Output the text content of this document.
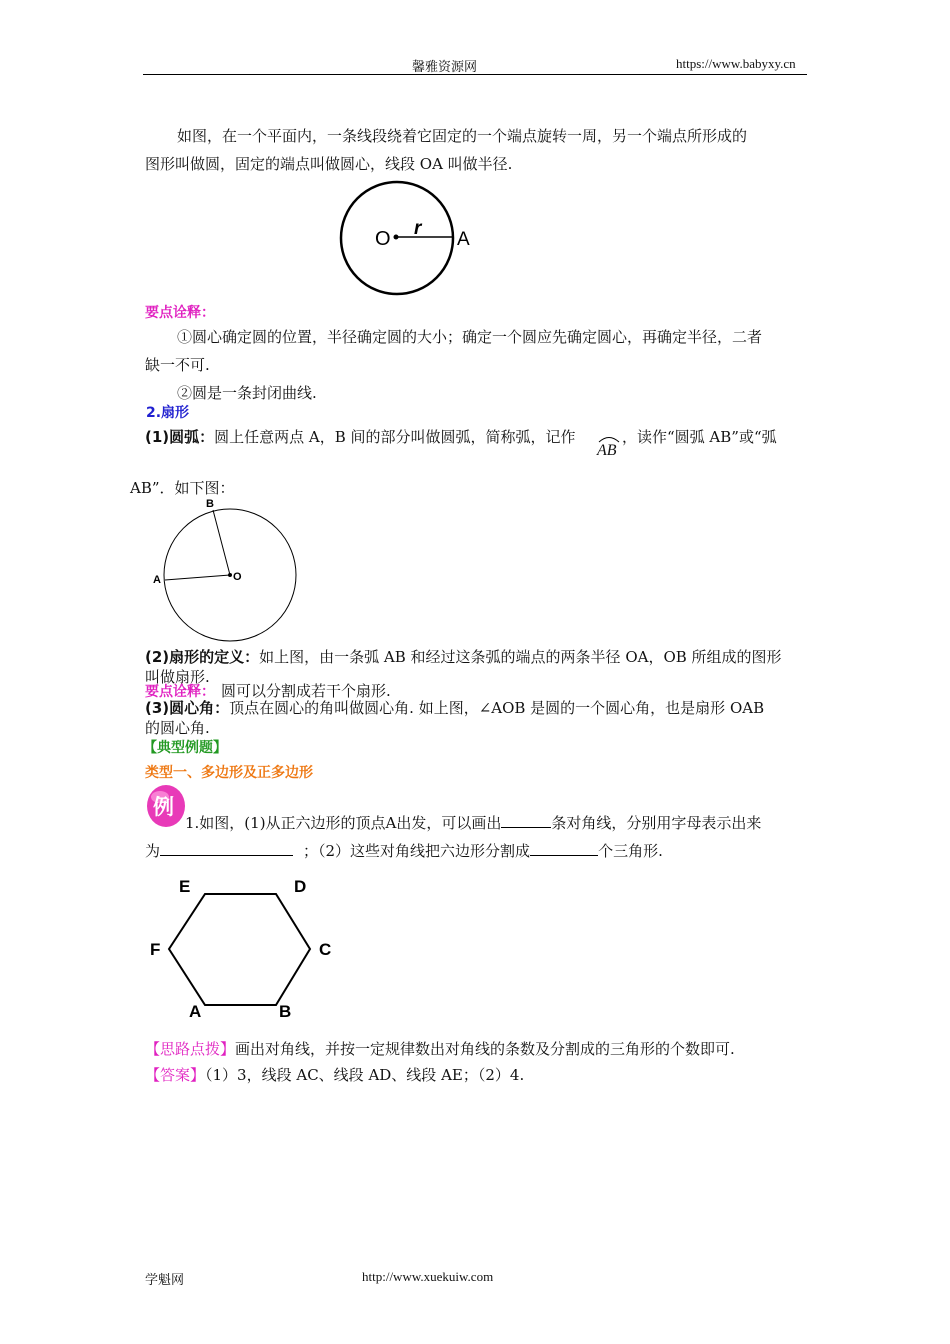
馨雅资源网	https://www.babyxy.cn
如图，在一个平面内，一条线段绕着它固定的一个端点旋转一周，另一个端点所形成的
图形叫做圆，固定的端点叫做圆心，线段 OA 叫做半径.
O r
A
要点诠释：
①圆心确定圆的位置，半径确定圆的大小；确定一个圆应先确定圆心，再确定半径，二者
缺一不可.
②圆是一条封闭曲线.
2.扇形
(1)圆弧：圆上任意两点 A，B 间的部分叫做圆弧，简称弧，记作
AB
，读作“圆弧 AB”或“弧
AB”．如下图：
O
A
B
(2)扇形的定义：如上图，由一条弧 AB 和经过这条弧的端点的两条半径 OA，OB 所组成的图形
叫做扇形.
要点诠释： 圆可以分割成若干个扇形.
(3)圆心角：顶点在圆心的角叫做圆心角. 如上图，∠AOB 是圆的一个圆心角，也是扇形 OAB
的圆心角.
【典型例题】
类型一、多边形及正多边形
例
1.如图，(1)从正六边形的顶点A出发，可以画出	条对角线，分别用字母表示出来
为	；（2）这些对角线把六边形分割成	个三角形.
E	D
F	C
A	B
【思路点拨】画出对角线，并按一定规律数出对角线的条数及分割成的三角形的个数即可.
【答案】（1）3，线段 AC、线段 AD、线段 AE；（2）4.
学魁网	http://www.xuekuiw.com
